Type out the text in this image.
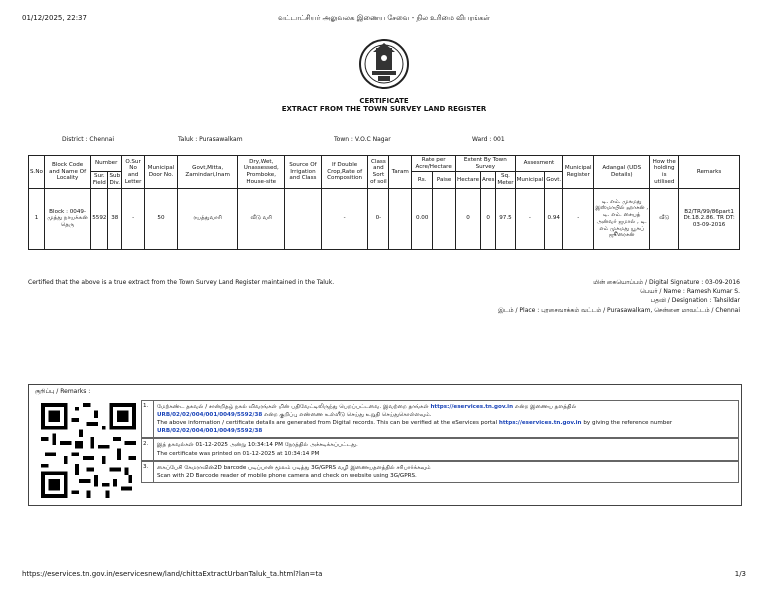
01/12/2025, 22:37	வட்டாட்சியர் அலுவலக இணைய சேவை - நில உரிமை விபரங்கள்
CERTIFICATE
EXTRACT FROM THE TOWN SURVEY LAND REGISTER
District : Chennai	Taluk : Purasawalkam	Town : V.O.C Nagar	Ward : 001
S.No	Block Code and Name Of Locality	Number		O.Sur No and Letter	Municipal Door No.	Govt,Mitta, Zamindari,Inam	Dry,Wet, Unassessed, Promboke, House-site	Source Of Irrigation and Class	If Double Crop,Rate of Composition	Class and Sort of soil	Taram	Rate per Acre/Hectare		Extent By Town Survey			Assesment		Municipal Register	Adangal (UDS Details)	How the holding is utilised	Remarks
		Sur. Field	Sub Div.									Rs.	Paise	Hectare	Ares	Sq. Meter	Municipal	Govt.				
1	Block : 0049-முத்து நாயக்கன் தெரு	5592	38	-	50	ரயத்துவாரி	வீடு வரி		-	0-		0.00		0	0	97.5	-	0.94	-	டி. எம். முகமது இஸ்மாயில் ஹாசன் , டி. எம். சையத் அன்வர் ஜமால் , டி. எம் முகமது யூசுப் ஜூரைசன்	வீடு	B2/TR/99/86part1 Dt.18.2.86. TR DT: 03-09-2016
Certified that the above is a true extract from the Town Survey Land Register maintained in the Taluk.	மின் கையொப்பம் / Digital Signature : 03-09-2016
பெயர் / Name : Ramesh Kumar S.
பதவி / Designation : Tahsildar
இடம் / Place : புரசைவாக்கம் வட்டம் / Purasawalkam, சென்னை மாவட்டம் / Chennai
குறிப்பு / Remarks :
1.	மேற்கண்ட தகவல் / சான்றிதழ் நகல் விவரங்கள் மின் பதிவேட்டிலிருந்து பெறப்பட்டவை. இவற்றை தாங்கள் https://eservices.tn.gov.in என்ற இணைய தளத்தில்
URB/02/02/004/001/0049/5592/38 என்ற குறிப்பு எண்ணை உள்ளீடு செய்து உறுதி செய்துகொள்ளவும்.
The above information / certificate details are generated from Digital records. This can be verified at the eServices portal https://eservices.tn.gov.in by giving the reference number URB/02/02/004/001/0049/5592/38
2.	இத் தகவல்கள் 01-12-2025 அன்று 10:34:14 PM நேரத்தில் அச்சடிக்கப்பட்டது.
The certificate was printed on 01-12-2025 at 10:34:14 PM
3.	கைப்பேசி கேமராவின்2D barcode படிப்பான் மூலம் படித்து 3G/GPRS வழி இணையதளத்தில் சரிபார்க்கவும்
Scan with 2D Barcode reader of mobile phone camera and check on website using 3G/GPRS.
https://eservices.tn.gov.in/eservicesnew/land/chittaExtractUrbanTaluk_ta.html?lan=ta	1/3
